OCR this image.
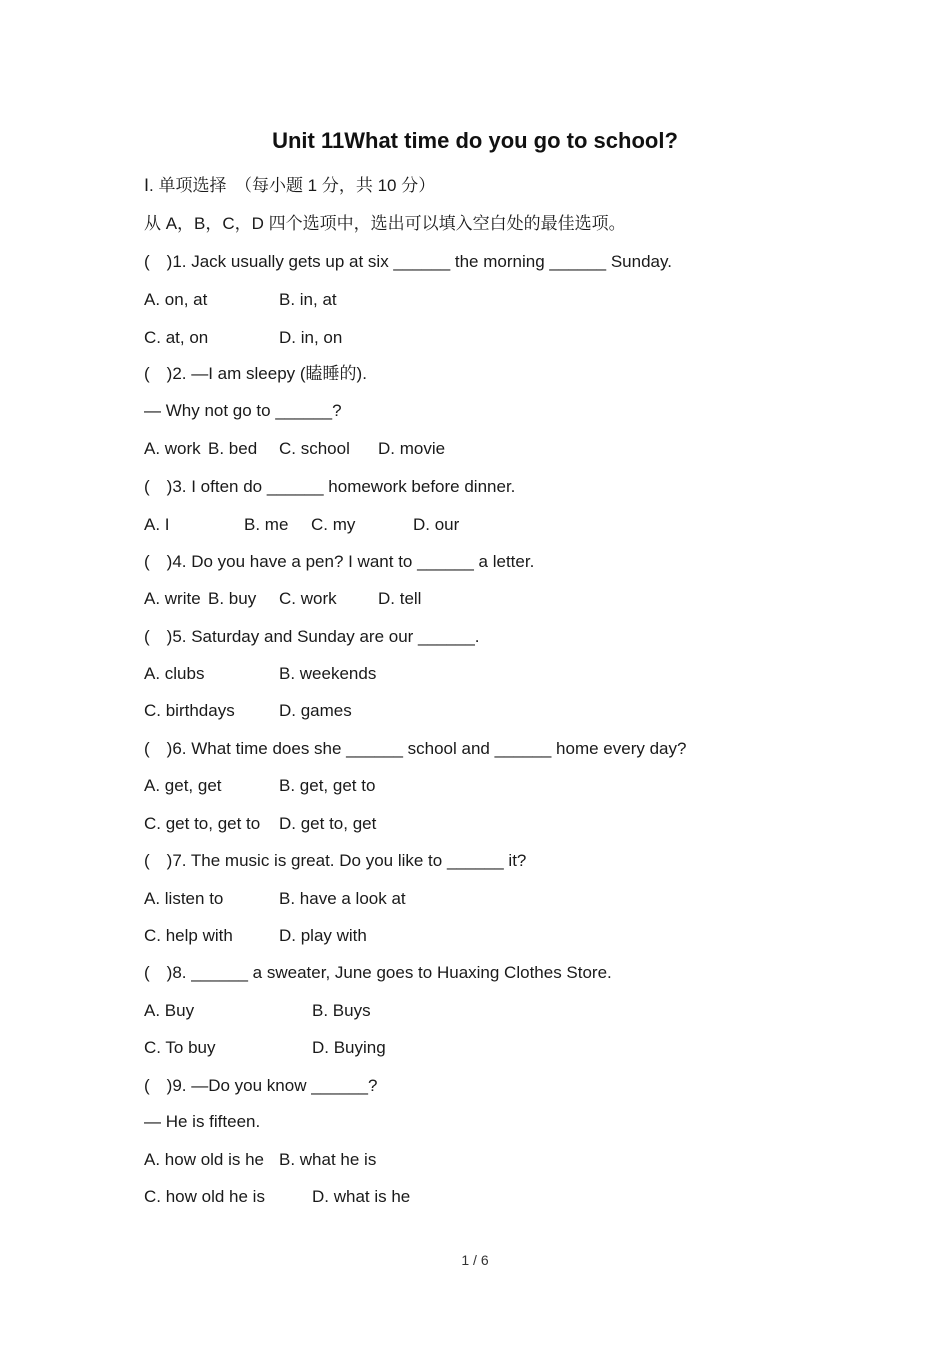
Unit 11What time do you go to school?
Ⅰ. 单项选择　（每小题 1 分，共 10 分）
从 A，B，C，D 四个选项中，选出可以填入空白处的最佳选项。
(　)1. Jack usually gets up at six ______ the morning ______ Sunday.
A. on, at	B. in, at
C. at, on	D. in, on
(　)2. —I am sleepy (瞌睡的).
— Why not go to ______?
A. work B. bed C. school D. movie
(　)3. I often do ______ homework before dinner.
A. I	B. me C. my	D. our
(　)4. Do you have a pen? I want to ______ a letter.
A. write B. buy C. work D. tell
(　)5. Saturday and Sunday are our ______.
A. clubs	B. weekends
C. birthdays	D. games
(　)6. What time does she ______ school and ______ home every day?
A. get, get	B. get, get to
C. get to, get to D. get to, get
(　)7. The music is great. Do you like to ______ it?
A. listen to	B. have a look at
C. help with	D. play with
(　)8. ______ a sweater, June goes to Huaxing Clothes Store.
A. Buy	B. Buys
C. To buy	D. Buying
(　)9. —Do you know ______?
— He is fifteen.
A. how old is he B. what he is
C. how old he is	D. what is he
1 / 6
